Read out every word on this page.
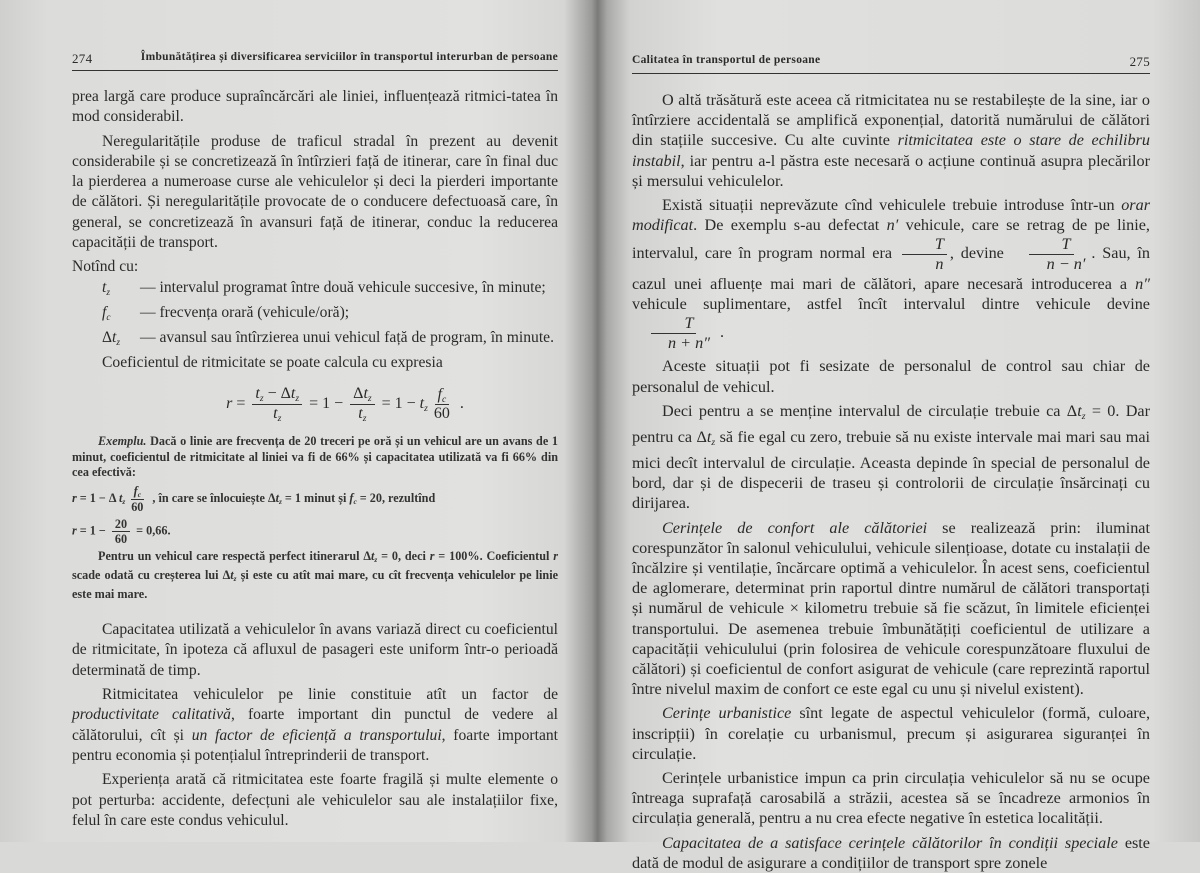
274	Îmbunătățirea și diversificarea serviciilor în transportul interurban de persoane

prea largă care produce supraîncărcări ale liniei, influențează ritmici-tatea în mod considerabil.

Neregularitățile produse de traficul stradal în prezent au devenit considerabile și se concretizează în întîrzieri față de itinerar, care în final duc la pierderea a numeroase curse ale vehiculelor și deci la pierderi importante de călători. Și neregularitățile provocate de o conducere defectuoasă care, în general, se concretizează în avansuri față de itinerar, conduc la reducerea capacității de transport.

Notînd cu:

$t_z$	— intervalul programat între două vehicule succesive, în minute;
$f_c$	— frecvența orară (vehicule/oră);
$\Delta t_z$	— avansul sau întîrzierea unui vehicul față de program, în minute.

Coeficientul de ritmicitate se poate calcula cu expresia

$r = \frac{t_z - \Delta t_z}{t_z} = 1 - \frac{\Delta t_z}{t_z} = 1 - t_z \frac{f_c}{60}$ .

Exemplu. Dacă o linie are frecvența de 20 treceri pe oră și un vehicul are un avans de 1 minut, coeficientul de ritmicitate al liniei va fi de 66% și capacitatea utilizată va fi 66% din cea efectivă:

r = 1 − Δ $t_z \frac{f_c}{60}$ , în care se înlocuiește $\Delta t_z = 1$ minut și $f_c = 20$, rezultînd

$r = 1 - \frac{20}{60} = 0,66$.

Pentru un vehicul care respectă perfect itinerarul $\Delta t_z = 0$, deci r = 100%. Coeficientul r scade odată cu creșterea lui $\Delta t_z$ și este cu atît mai mare, cu cît frecvența vehiculelor pe linie este mai mare.

Capacitatea utilizată a vehiculelor în avans variază direct cu coeficientul de ritmicitate, în ipoteza că afluxul de pasageri este uniform într-o perioadă determinată de timp.

Ritmicitatea vehiculelor pe linie constituie atît un factor de productivitate calitativă, foarte important din punctul de vedere al călătorului, cît și un factor de eficiență a transportului, foarte important pentru economia și potențialul întreprinderii de transport.

Experiența arată că ritmicitatea este foarte fragilă și multe elemente o pot perturba: accidente, defecțuni ale vehiculelor sau ale instalațiilor fixe, felul în care este condus vehiculul.

Calitatea în transportul de persoane	275

O altă trăsătură este aceea că ritmicitatea nu se restabilește de la sine, iar o întîrziere accidentală se amplifică exponențial, datorită numărului de călători din stațiile succesive. Cu alte cuvinte ritmicitatea este o stare de echilibru instabil, iar pentru a-l păstra este necesară o acțiune continuă asupra plecărilor și mersului vehiculelor.

Există situații neprevăzute cînd vehiculele trebuie introduse într-un orar modificat. De exemplu s-au defectat n′ vehicule, care se retrag de pe linie, intervalul, care în program normal era $\frac{T}{n}$ , devine $\frac{T}{n - n'}$ . Sau, în cazul unei afluențe mai mari de călători, apare necesară introducerea a n″ vehicule suplimentare, astfel încît intervalul dintre vehicule devine
$\frac{T}{n + n''}$ .

Aceste situații pot fi sesizate de personalul de control sau chiar de personalul de vehicul.

Deci pentru a se menține intervalul de circulație trebuie ca $\Delta t_z = 0$. Dar pentru ca $\Delta t_z$ să fie egal cu zero, trebuie să nu existe intervale mai mari sau mai mici decît intervalul de circulație. Aceasta depinde în special de personalul de bord, dar și de dispecerii de traseu și controlorii de circulație însărcinați cu dirijarea.

Cerințele de confort ale călătoriei se realizează prin: iluminat corespunzător în salonul vehiculului, vehicule silențioase, dotate cu instalații de încălzire și ventilație, încărcare optimă a vehiculelor. În acest sens, coeficientul de aglomerare, determinat prin raportul dintre numărul de călători transportați și numărul de vehicule × kilometru trebuie să fie scăzut, în limitele eficienței transportului. De asemenea trebuie îmbunătățiți coeficientul de utilizare a capacității vehiculului (prin folosirea de vehicule corespunzătoare fluxului de călători) și coeficientul de confort asigurat de vehicule (care reprezintă raportul între nivelul maxim de confort ce este egal cu unu și nivelul existent).

Cerințe urbanistice sînt legate de aspectul vehiculelor (formă, culoare, inscripții) în corelație cu urbanismul, precum și asigurarea siguranței în circulație.

Cerințele urbanistice impun ca prin circulația vehiculelor să nu se ocupe întreaga suprafață carosabilă a străzii, acestea să se încadreze armonios în circulația generală, pentru a nu crea efecte negative în estetica localității.

Capacitatea de a satisface cerințele călătorilor în condiții speciale este dată de modul de asigurare a condițiilor de transport spre zonele
